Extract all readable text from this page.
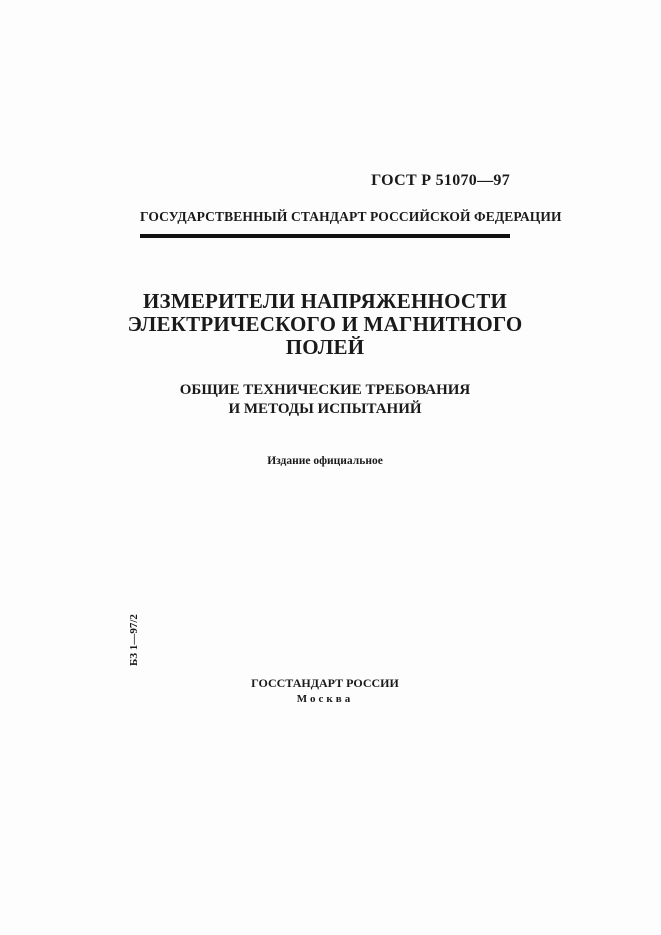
ГОСТ Р 51070—97
ГОСУДАРСТВЕННЫЙ СТАНДАРТ РОССИЙСКОЙ ФЕДЕРАЦИИ
ИЗМЕРИТЕЛИ НАПРЯЖЕННОСТИ
ЭЛЕКТРИЧЕСКОГО И МАГНИТНОГО
ПОЛЕЙ
ОБЩИЕ ТЕХНИЧЕСКИЕ ТРЕБОВАНИЯ
И МЕТОДЫ ИСПЫТАНИЙ
Издание официальное
БЗ 1—97/2
ГОССТАНДАРТ РОССИИ
Москва
